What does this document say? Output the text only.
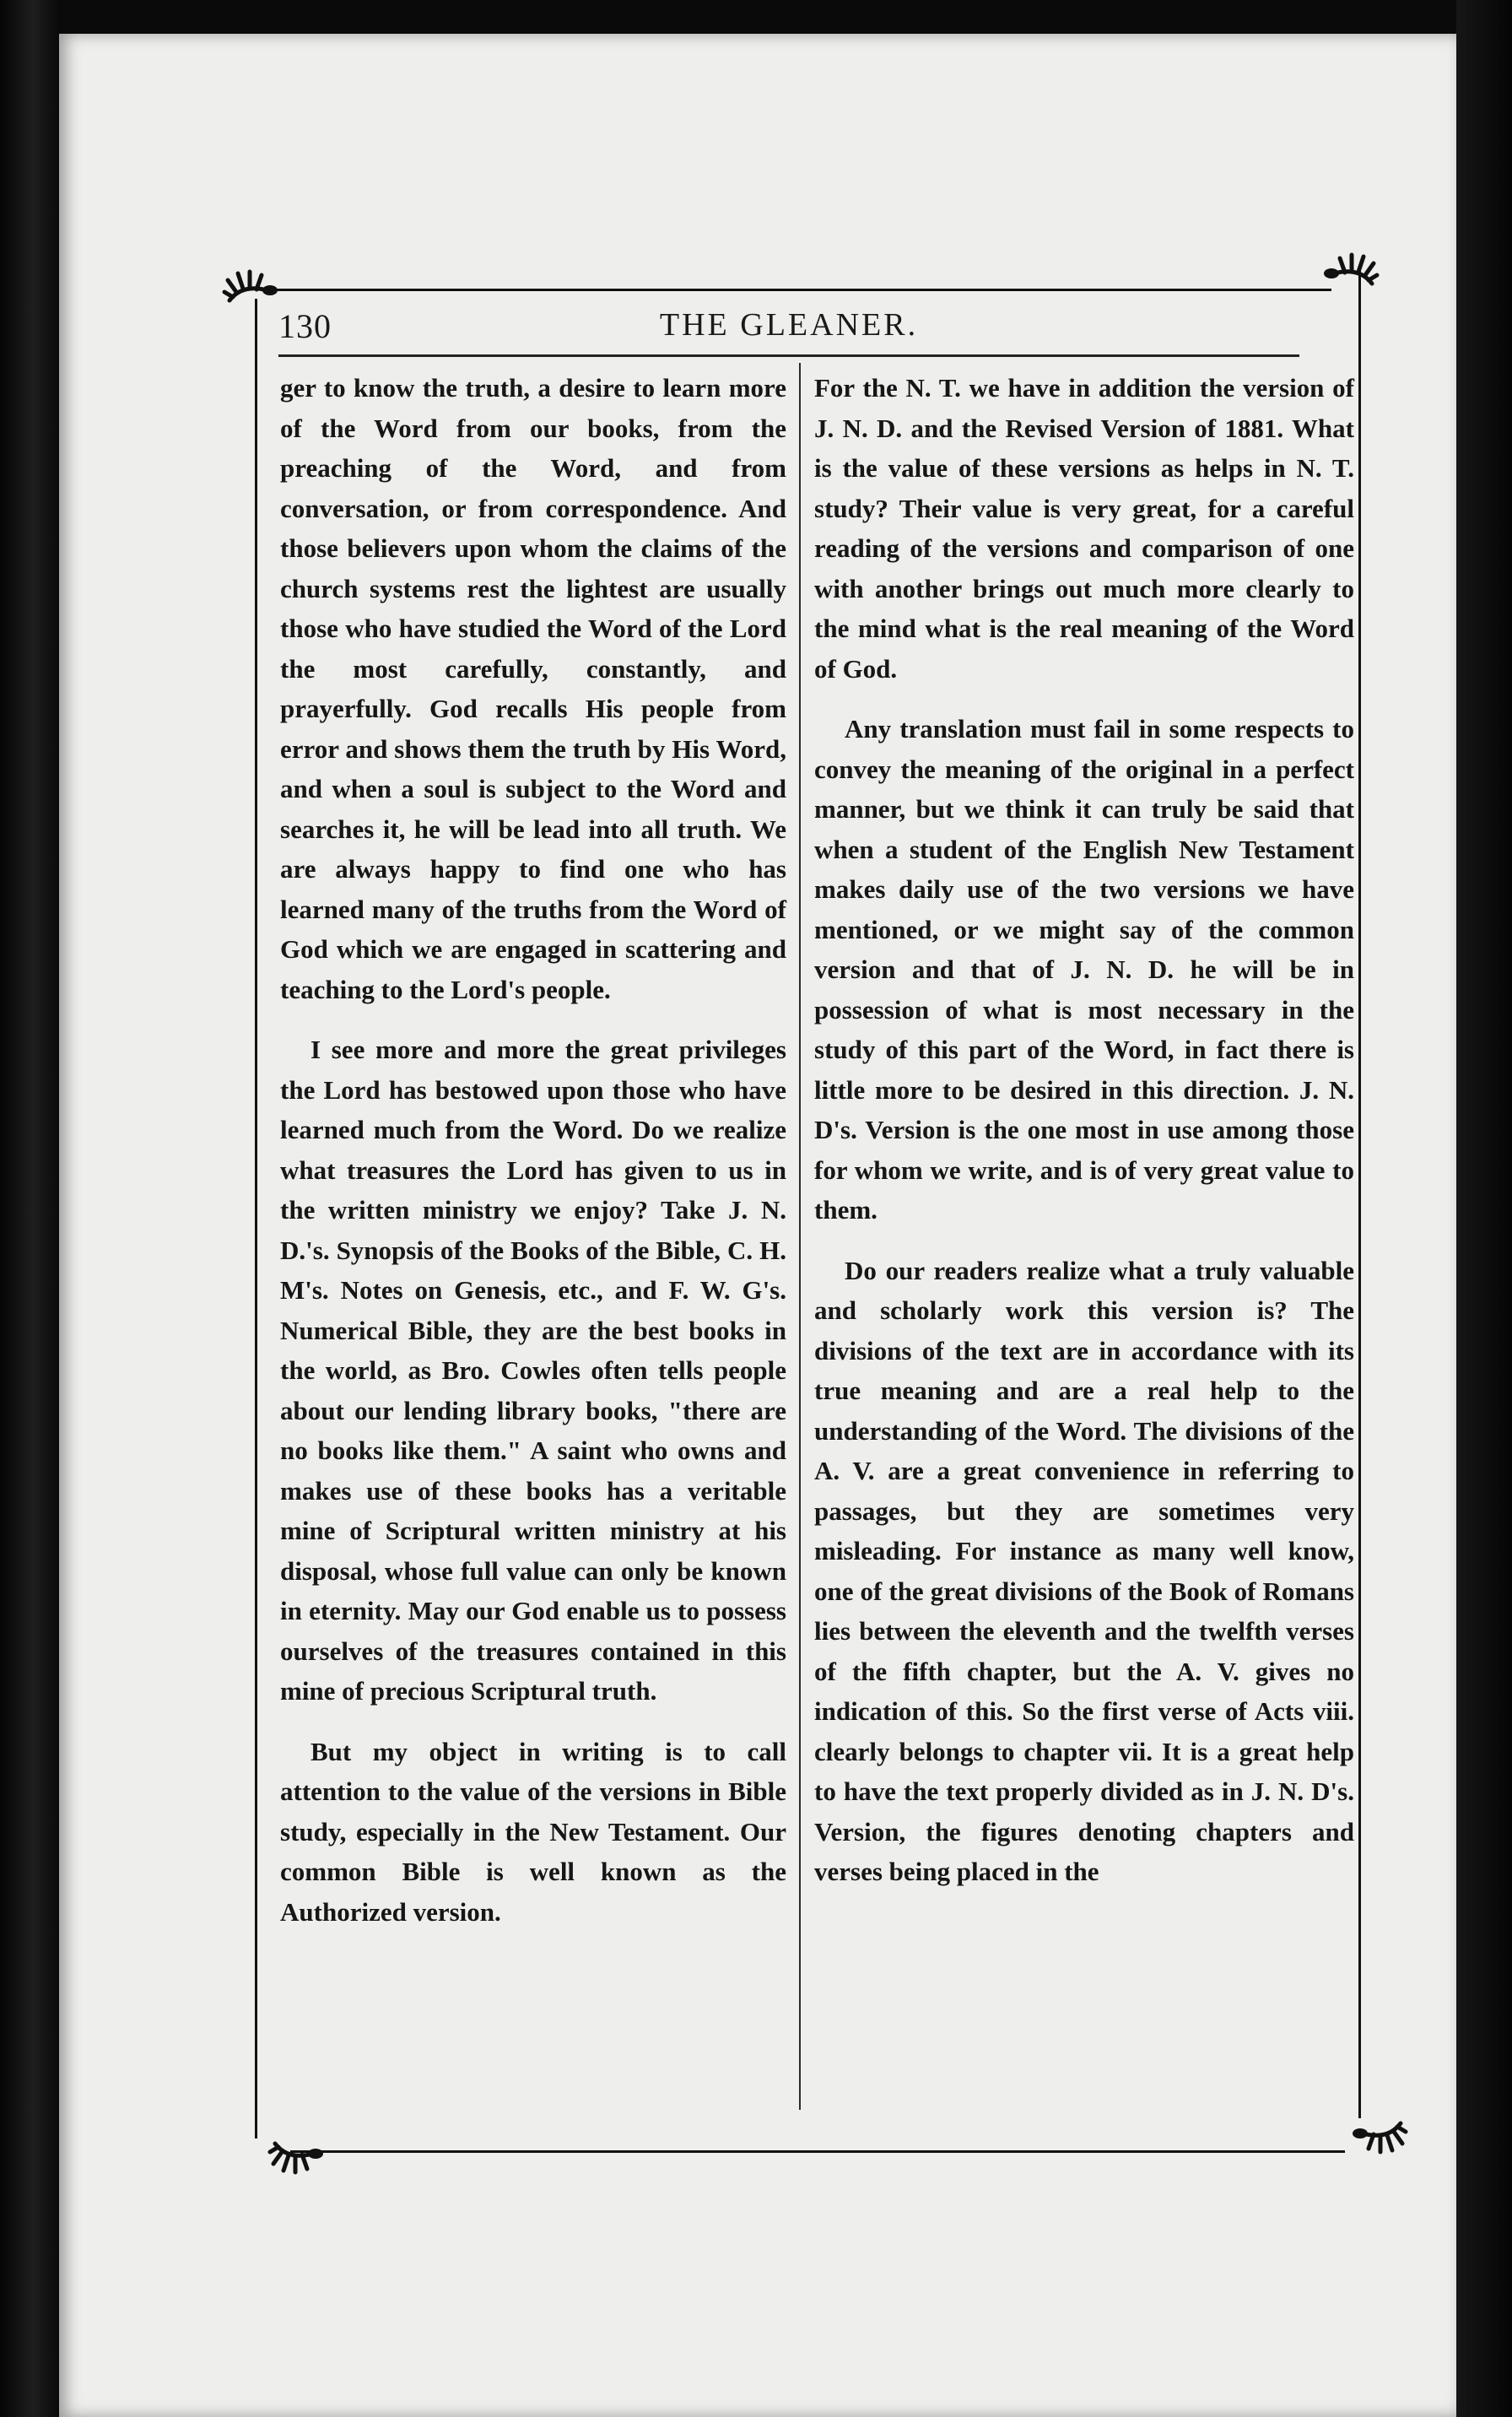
130	THE GLEANER.

ger to know the truth, a desire to learn more of the Word from our books, from the preaching of the Word, and from conversation, or from correspondence. And those believers upon whom the claims of the church systems rest the lightest are usually those who have studied the Word of the Lord the most carefully, constantly, and prayerfully. God recalls His people from error and shows them the truth by His Word, and when a soul is subject to the Word and searches it, he will be lead into all truth. We are always happy to find one who has learned many of the truths from the Word of God which we are engaged in scattering and teaching to the Lord's people.

I see more and more the great privileges the Lord has bestowed upon those who have learned much from the Word. Do we realize what treasures the Lord has given to us in the written ministry we enjoy? Take J. N. D.'s. Synopsis of the Books of the Bible, C. H. M's. Notes on Genesis, etc., and F. W. G's. Numerical Bible, they are the best books in the world, as Bro. Cowles often tells people about our lending library books, "there are no books like them." A saint who owns and makes use of these books has a veritable mine of Scriptural written ministry at his disposal, whose full value can only be known in eternity. May our God enable us to possess ourselves of the treasures contained in this mine of precious Scriptural truth.

But my object in writing is to call attention to the value of the versions in Bible study, especially in the New Testament. Our common Bible is well known as the Authorized version.

For the N. T. we have in addition the version of J. N. D. and the Revised Version of 1881. What is the value of these versions as helps in N. T. study? Their value is very great, for a careful reading of the versions and comparison of one with another brings out much more clearly to the mind what is the real meaning of the Word of God.

Any translation must fail in some respects to convey the meaning of the original in a perfect manner, but we think it can truly be said that when a student of the English New Testament makes daily use of the two versions we have mentioned, or we might say of the common version and that of J. N. D. he will be in possession of what is most necessary in the study of this part of the Word, in fact there is little more to be desired in this direction. J. N. D's. Version is the one most in use among those for whom we write, and is of very great value to them.

Do our readers realize what a truly valuable and scholarly work this version is? The divisions of the text are in accordance with its true meaning and are a real help to the understanding of the Word. The divisions of the A. V. are a great convenience in referring to passages, but they are sometimes very misleading. For instance as many well know, one of the great divisions of the Book of Romans lies between the eleventh and the twelfth verses of the fifth chapter, but the A. V. gives no indication of this. So the first verse of Acts viii. clearly belongs to chapter vii. It is a great help to have the text properly divided as in J. N. D's. Version, the figures denoting chapters and verses being placed in the
